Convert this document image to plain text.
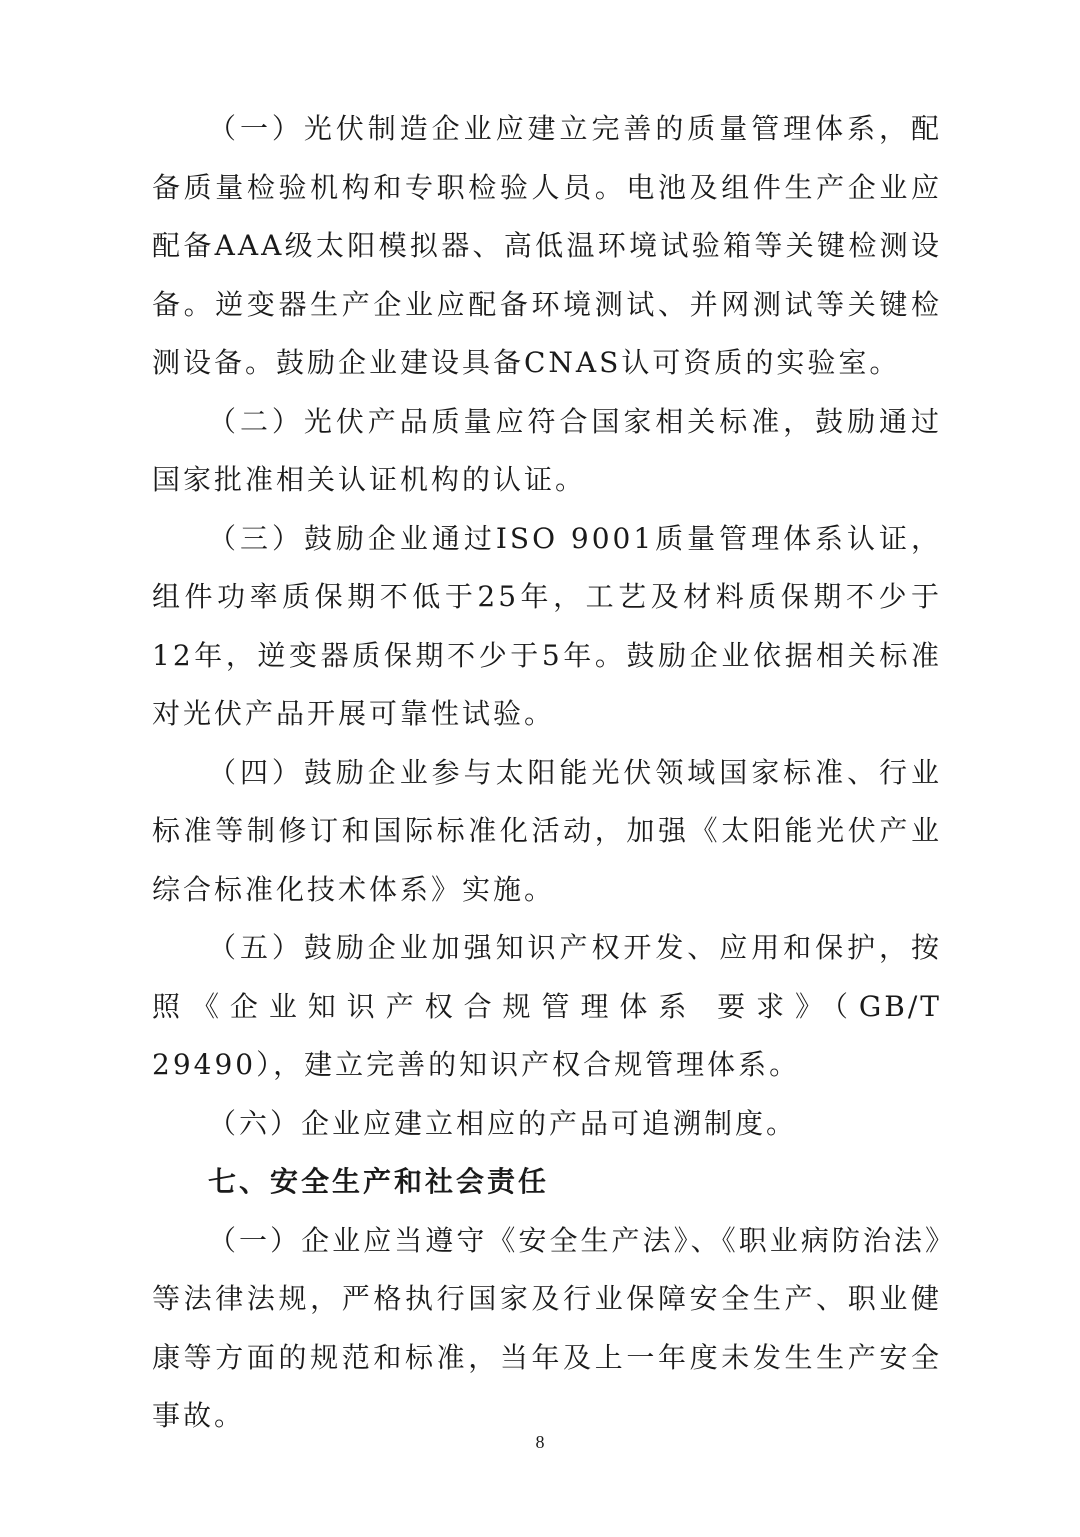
（一）光伏制造企业应建立完善的质量管理体系，配备质量检验机构和专职检验人员。电池及组件生产企业应配备AAA级太阳模拟器、高低温环境试验箱等关键检测设备。逆变器生产企业应配备环境测试、并网测试等关键检测设备。鼓励企业建设具备CNAS认可资质的实验室。

（二）光伏产品质量应符合国家相关标准，鼓励通过国家批准相关认证机构的认证。

（三）鼓励企业通过ISO 9001质量管理体系认证，组件功率质保期不低于25年，工艺及材料质保期不少于12年，逆变器质保期不少于5年。鼓励企业依据相关标准对光伏产品开展可靠性试验。

（四）鼓励企业参与太阳能光伏领域国家标准、行业标准等制修订和国际标准化活动，加强《太阳能光伏产业综合标准化技术体系》实施。

（五）鼓励企业加强知识产权开发、应用和保护，按照《企业知识产权合规管理体系 要求》（GB/T 29490），建立完善的知识产权合规管理体系。

（六）企业应建立相应的产品可追溯制度。

七、安全生产和社会责任

（一）企业应当遵守《安全生产法》、《职业病防治法》等法律法规，严格执行国家及行业保障安全生产、职业健康等方面的规范和标准，当年及上一年度未发生生产安全事故。

8
